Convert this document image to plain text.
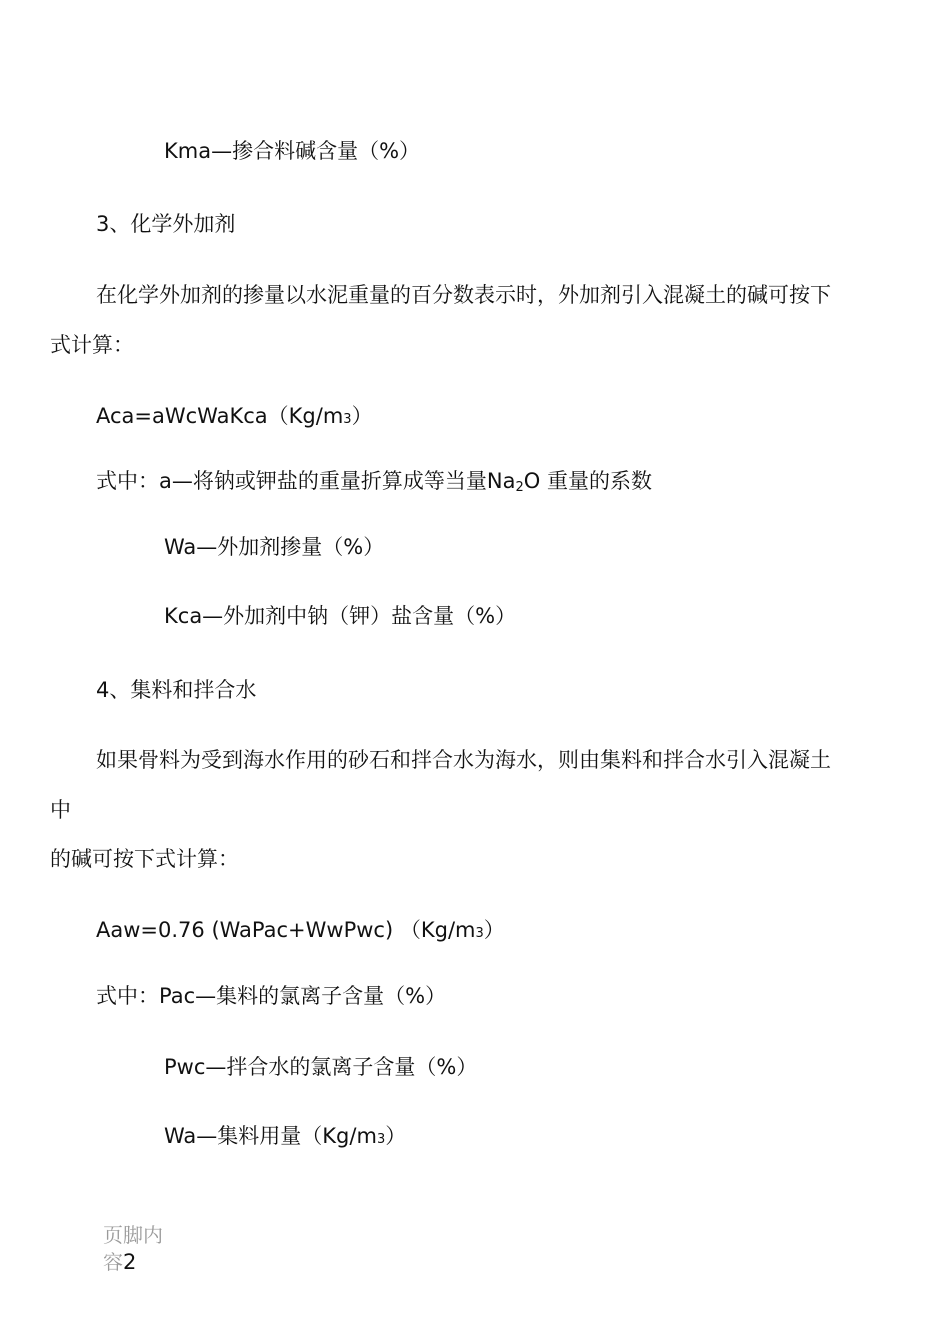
Kma—掺合料碱含量（%）
3、化学外加剂
在化学外加剂的掺量以水泥重量的百分数表示时，外加剂引入混凝土的碱可按下
式计算：
Aca=aWcWaKca（Kg/m3）
式中：a—将钠或钾盐的重量折算成等当量Na2O 重量的系数
Wa—外加剂掺量（%）
Kca—外加剂中钠（钾）盐含量（%）
4、集料和拌合水
如果骨料为受到海水作用的砂石和拌合水为海水，则由集料和拌合水引入混凝土
中
的碱可按下式计算：
Aaw=0.76 (WaPac+WwPwc) （Kg/m3）
式中：Pac—集料的氯离子含量（%）
Pwc—拌合水的氯离子含量（%）
Wa—集料用量（Kg/m3）
页脚内容2
